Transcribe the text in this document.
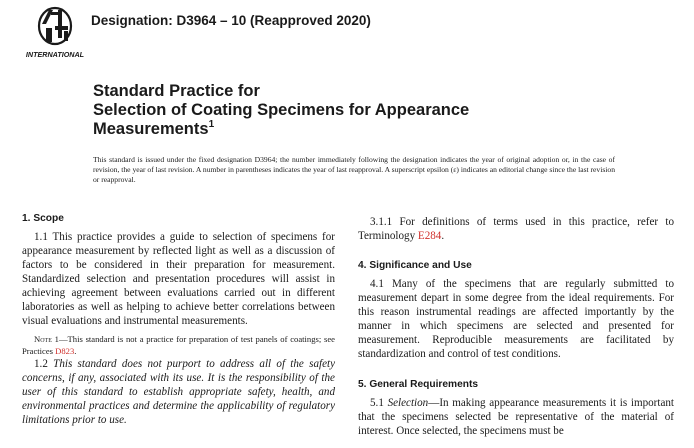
INTERNATIONAL
Designation: D3964 – 10 (Reapproved 2020)
Standard Practice for
Selection of Coating Specimens for Appearance
Measurements$^1$
This standard is issued under the fixed designation D3964; the number immediately following the designation indicates the year of original adoption or, in the case of revision, the year of last revision. A number in parentheses indicates the year of last reapproval. A superscript epsilon (ε) indicates an editorial change since the last revision or reapproval.
1. Scope

1.1 This practice provides a guide to selection of specimens for appearance measurement by reflected light as well as a discussion of factors to be considered in their preparation for measurement. Standardized selection and presentation procedures will assist in achieving agreement between evaluations carried out in different laboratories as well as helping to achieve better correlations between visual evaluations and instrumental measurements.

Note 1—This standard is not a practice for preparation of test panels of coatings; see Practices D823.

1.2 This standard does not purport to address all of the safety concerns, if any, associated with its use. It is the responsibility of the user of this standard to establish appropriate safety, health, and environmental practices and determine the applicability of regulatory limitations prior to use.

3.1.1 For definitions of terms used in this practice, refer to Terminology E284.

4. Significance and Use

4.1 Many of the specimens that are regularly submitted to measurement depart in some degree from the ideal requirements. For this reason instrumental readings are affected importantly by the manner in which specimens are selected and presented for measurement. Reproducible measurements are facilitated by standardization and control of test conditions.

5. General Requirements

5.1 Selection—In making appearance measurements it is important that the specimens selected be representative of the material of interest. Once selected, the specimens must be
